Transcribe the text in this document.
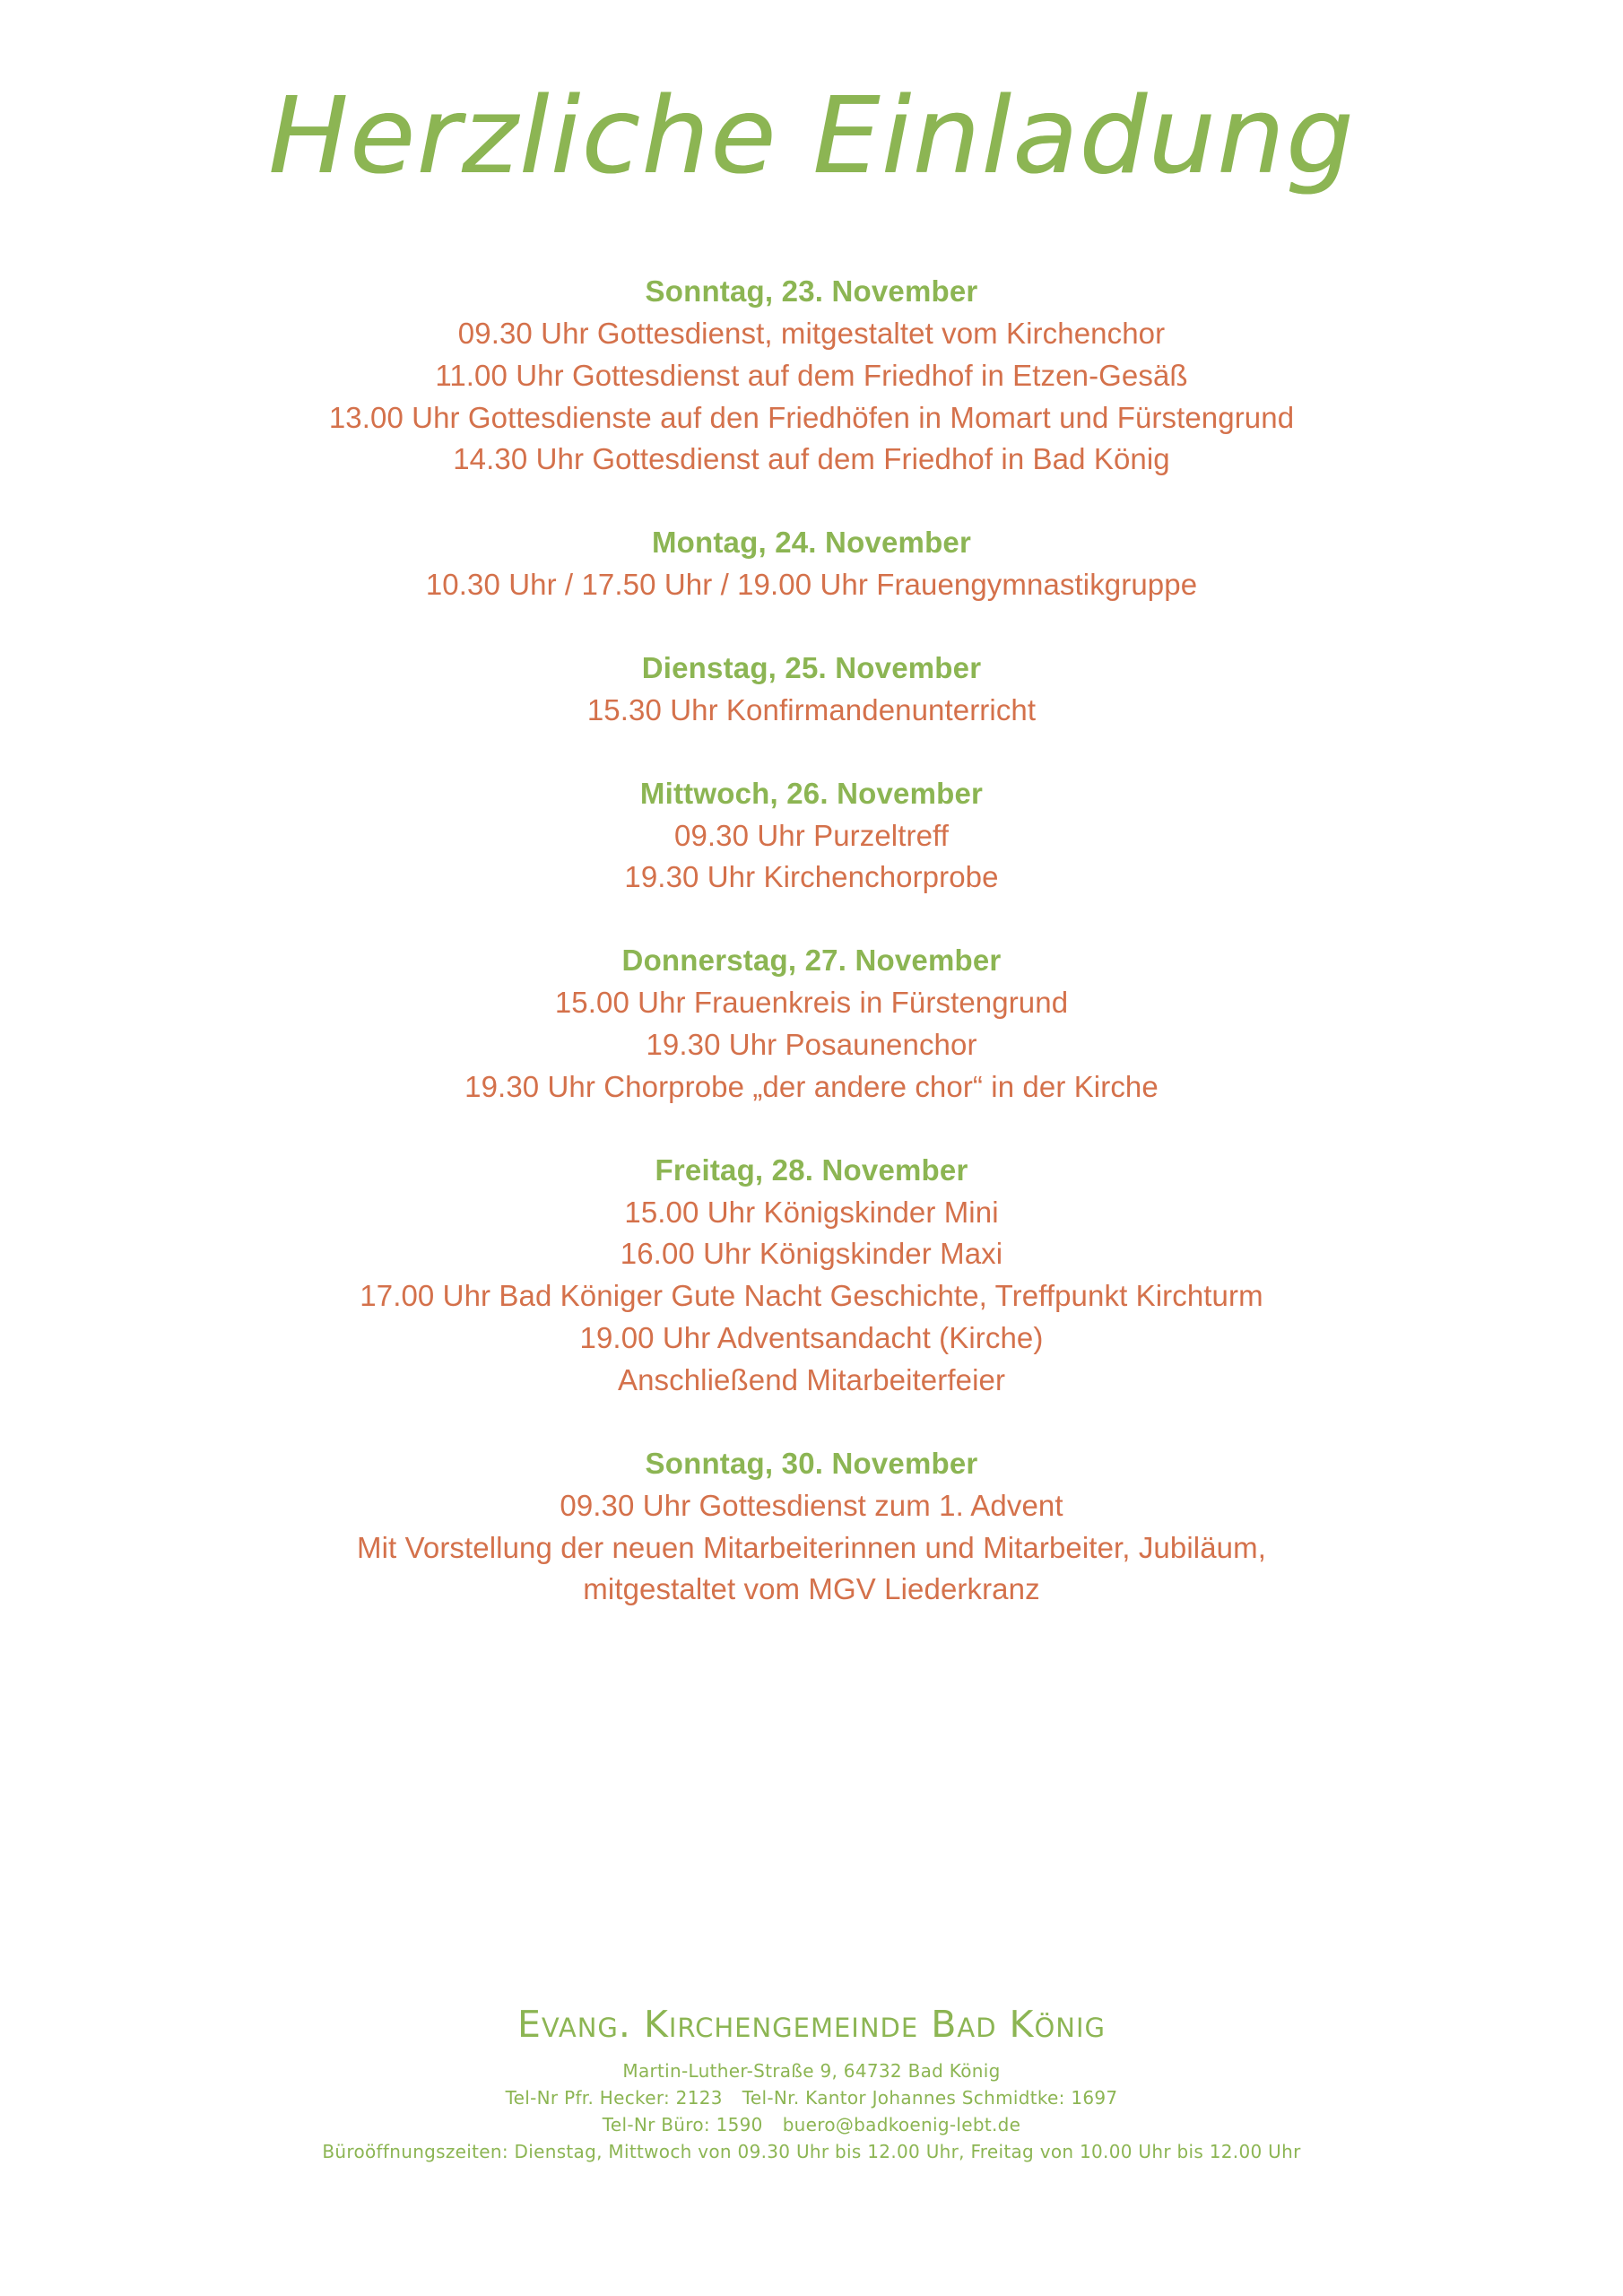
Herzliche Einladung
Sonntag, 23. November
09.30 Uhr Gottesdienst, mitgestaltet vom Kirchenchor
11.00 Uhr Gottesdienst auf dem Friedhof in Etzen-Gesäß
13.00 Uhr Gottesdienste auf den Friedhöfen in Momart und Fürstengrund
14.30 Uhr Gottesdienst auf dem Friedhof in Bad König
Montag, 24. November
10.30 Uhr / 17.50 Uhr / 19.00 Uhr Frauengymnastikgruppe
Dienstag, 25. November
15.30 Uhr Konfirmandenunterricht
Mittwoch, 26. November
09.30 Uhr Purzeltreff
19.30 Uhr Kirchenchorprobe
Donnerstag, 27. November
15.00 Uhr Frauenkreis in Fürstengrund
19.30 Uhr Posaunenchor
19.30 Uhr Chorprobe „der andere chor“ in der Kirche
Freitag, 28. November
15.00 Uhr Königskinder Mini
16.00 Uhr Königskinder Maxi
17.00 Uhr Bad Königer Gute Nacht Geschichte, Treffpunkt Kirchturm
19.00 Uhr Adventsandacht (Kirche)
Anschließend Mitarbeiterfeier
Sonntag, 30. November
09.30 Uhr Gottesdienst zum 1. Advent
Mit Vorstellung der neuen Mitarbeiterinnen und Mitarbeiter, Jubiläum,
mitgestaltet vom MGV Liederkranz
Evang. Kirchengemeinde Bad König
Martin-Luther-Straße 9, 64732 Bad König
Tel-Nr Pfr. Hecker: 2123 Tel-Nr. Kantor Johannes Schmidtke: 1697
Tel-Nr Büro: 1590 buero@badkoenig-lebt.de
Büroöffnungszeiten: Dienstag, Mittwoch von 09.30 Uhr bis 12.00 Uhr, Freitag von 10.00 Uhr bis 12.00 Uhr
